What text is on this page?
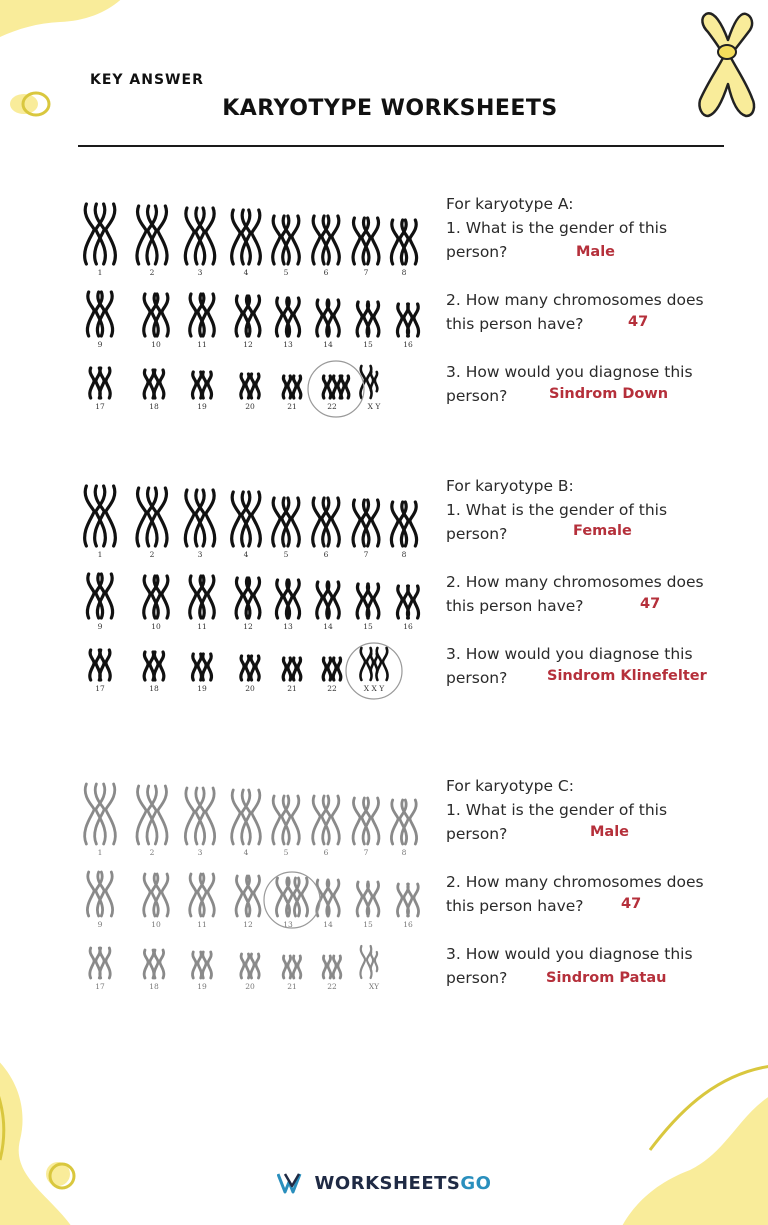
KEY ANSWER
KARYOTYPE WORKSHEETS
1	2	3	4	5	6	7	8
9	10	11	12	13	14	15	16
17	18	19	20	21	22	X Y
For karyotype A:
1. What is the gender of this
person?
2. How many chromosomes does
this person have?
3. How would you diagnose this
person?
Male
47
Sindrom Down
1	2	3	4	5	6	7	8
9	10	11	12	13	14	15	16
17	18	19	20	21	22	X X Y
For karyotype B:
1. What is the gender of this
person?
2. How many chromosomes does
this person have?
3. How would you diagnose this
person?
Female
47
Sindrom Klinefelter
1	2	3	4	5	6	7	8
9	10	11	12	13	14	15	16
17	18	19	20	21	22	XY
For karyotype C:
1. What is the gender of this
person?
2. How many chromosomes does
this person have?
3. How would you diagnose this
person?
Male
47
Sindrom Patau
WORKSHEETSGO
